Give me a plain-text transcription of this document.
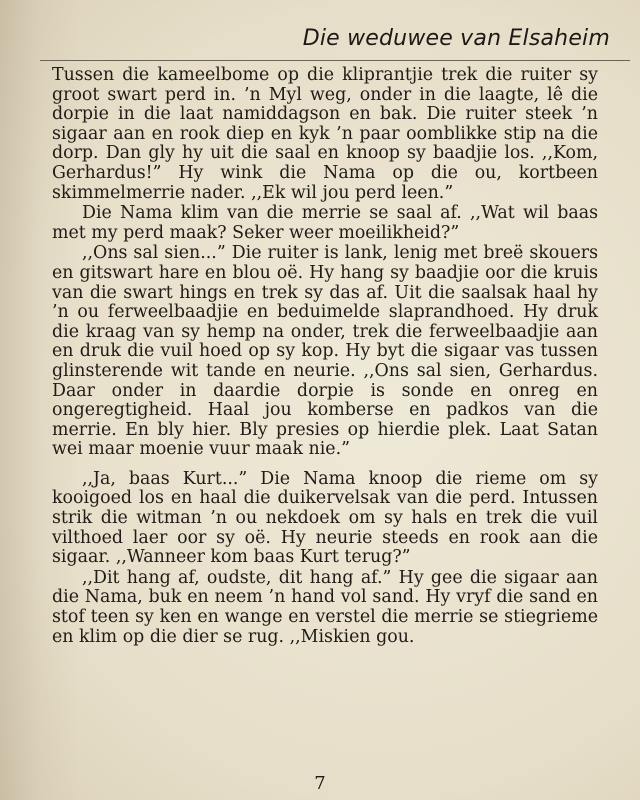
Die weduwee van Elsaheim

Tussen die kameelbome op die kliprantjie trek die ruiter sy groot swart perd in. ’n Myl weg, onder in die laagte, lê die dorpie in die laat namiddagson en bak. Die ruiter steek ’n sigaar aan en rook diep en kyk ’n paar oomblikke stip na die dorp. Dan gly hy uit die saal en knoop sy baadjie los. ,,Kom, Gerhardus!” Hy wink die Nama op die ou, kortbeen skimmelmerrie nader. ,,Ek wil jou perd leen.”

Die Nama klim van die merrie se saal af. ,,Wat wil baas met my perd maak? Seker weer moeilikheid?”

,,Ons sal sien...” Die ruiter is lank, lenig met breë skouers en gitswart hare en blou oë. Hy hang sy baadjie oor die kruis van die swart hings en trek sy das af. Uit die saalsak haal hy ’n ou ferweelbaadjie en beduimelde slaprandhoed. Hy druk die kraag van sy hemp na onder, trek die ferweelbaadjie aan en druk die vuil hoed op sy kop. Hy byt die sigaar vas tussen glinsterende wit tande en neurie. ,,Ons sal sien, Gerhardus. Daar onder in daardie dorpie is sonde en onreg en ongeregtigheid. Haal jou komberse en padkos van die merrie. En bly hier. Bly presies op hierdie plek. Laat Satan wei maar moenie vuur maak nie.”

,,Ja, baas Kurt...” Die Nama knoop die rieme om sy kooigoed los en haal die duikervelsak van die perd. Intussen strik die witman ’n ou nekdoek om sy hals en trek die vuil vilthoed laer oor sy oë. Hy neurie steeds en rook aan die sigaar. ,,Wanneer kom baas Kurt terug?”

,,Dit hang af, oudste, dit hang af.” Hy gee die sigaar aan die Nama, buk en neem ’n hand vol sand. Hy vryf die sand en stof teen sy ken en wange en verstel die merrie se stiegrieme en klim op die dier se rug. ,,Miskien gou.

7
